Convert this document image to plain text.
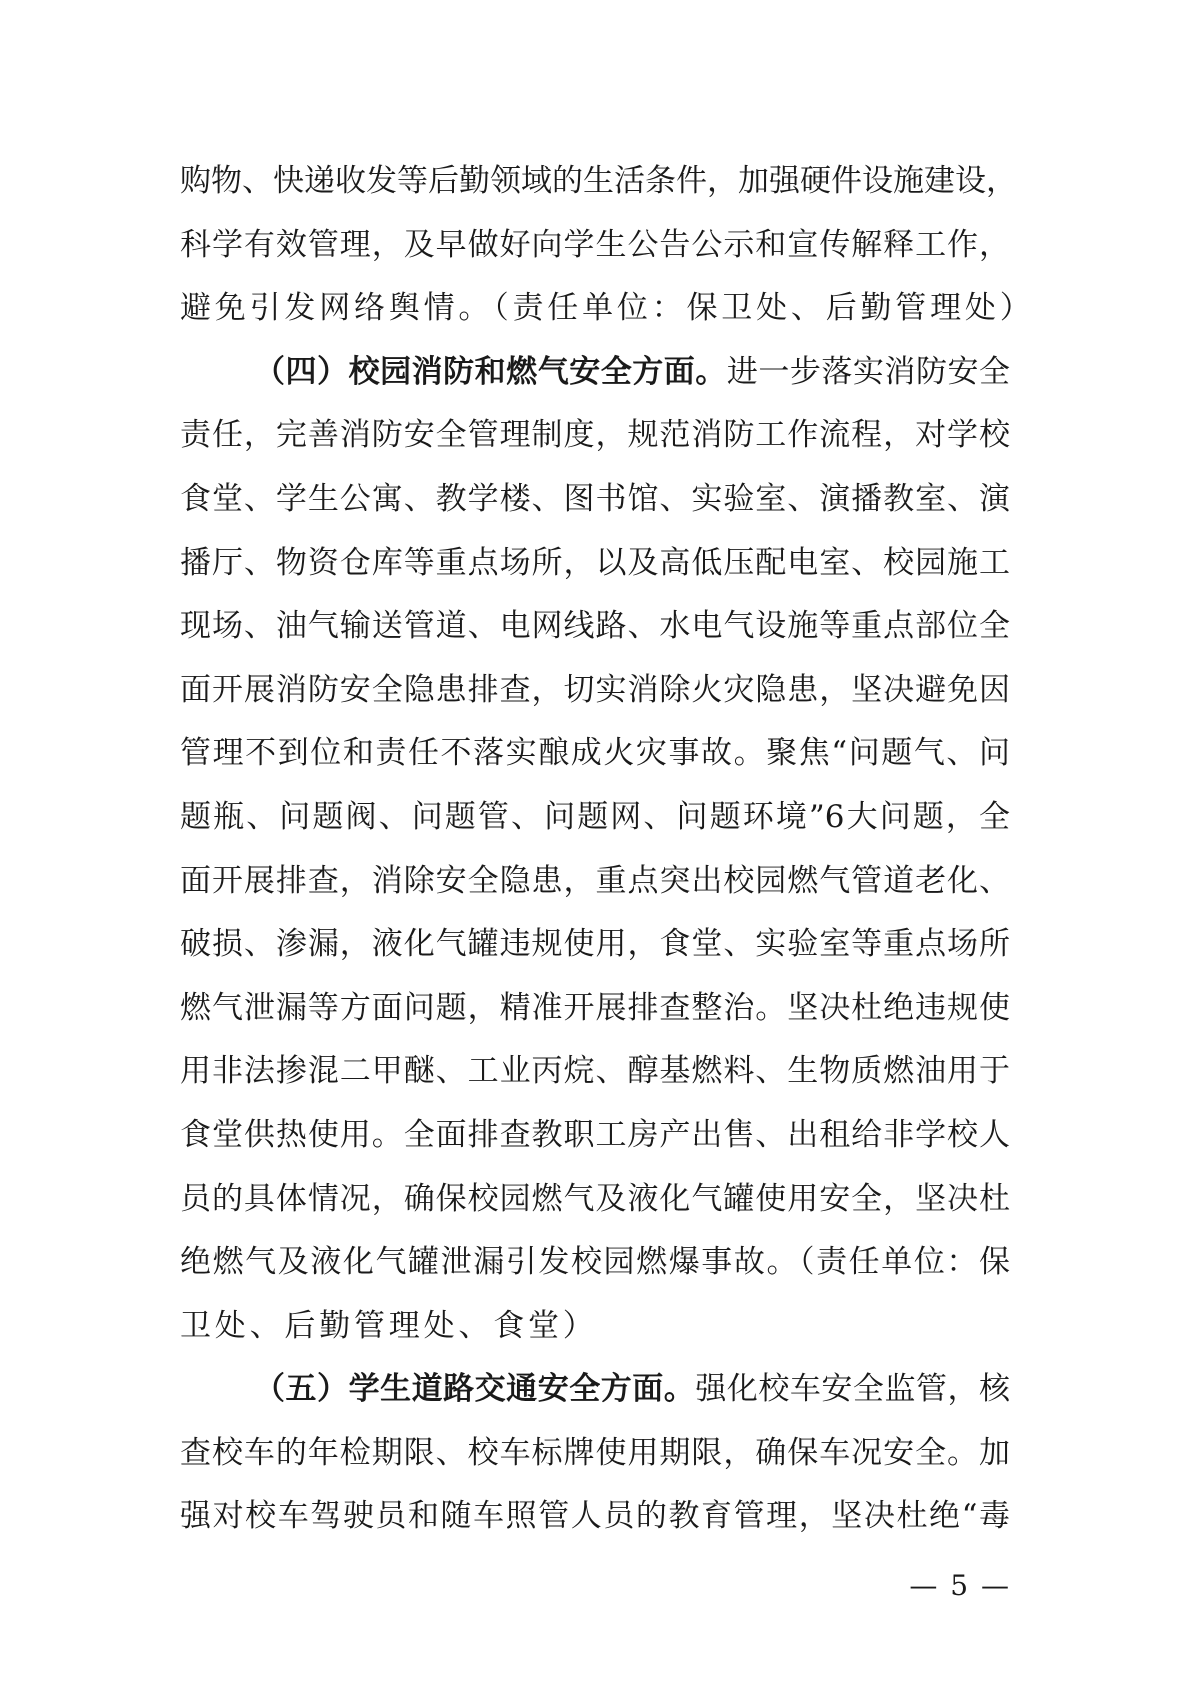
购物、快递收发等后勤领域的生活条件，加强硬件设施建设，
科学有效管理，及早做好向学生公告公示和宣传解释工作，
避免引发网络舆情。（责任单位：保卫处、后勤管理处）
（四）校园消防和燃气安全方面。进一步落实消防安全
责任，完善消防安全管理制度，规范消防工作流程，对学校
食堂、学生公寓、教学楼、图书馆、实验室、演播教室、演
播厅、物资仓库等重点场所，以及高低压配电室、校园施工
现场、油气输送管道、电网线路、水电气设施等重点部位全
面开展消防安全隐患排查，切实消除火灾隐患，坚决避免因
管理不到位和责任不落实酿成火灾事故。聚焦“问题气、问
题瓶、问题阀、问题管、问题网、问题环境”6大问题，全
面开展排查，消除安全隐患，重点突出校园燃气管道老化、
破损、渗漏，液化气罐违规使用，食堂、实验室等重点场所
燃气泄漏等方面问题，精准开展排查整治。坚决杜绝违规使
用非法掺混二甲醚、工业丙烷、醇基燃料、生物质燃油用于
食堂供热使用。全面排查教职工房产出售、出租给非学校人
员的具体情况，确保校园燃气及液化气罐使用安全，坚决杜
绝燃气及液化气罐泄漏引发校园燃爆事故。（责任单位：保
卫处、后勤管理处、食堂）
（五）学生道路交通安全方面。强化校车安全监管，核
查校车的年检期限、校车标牌使用期限，确保车况安全。加
强对校车驾驶员和随车照管人员的教育管理，坚决杜绝“毒
— 5 —
